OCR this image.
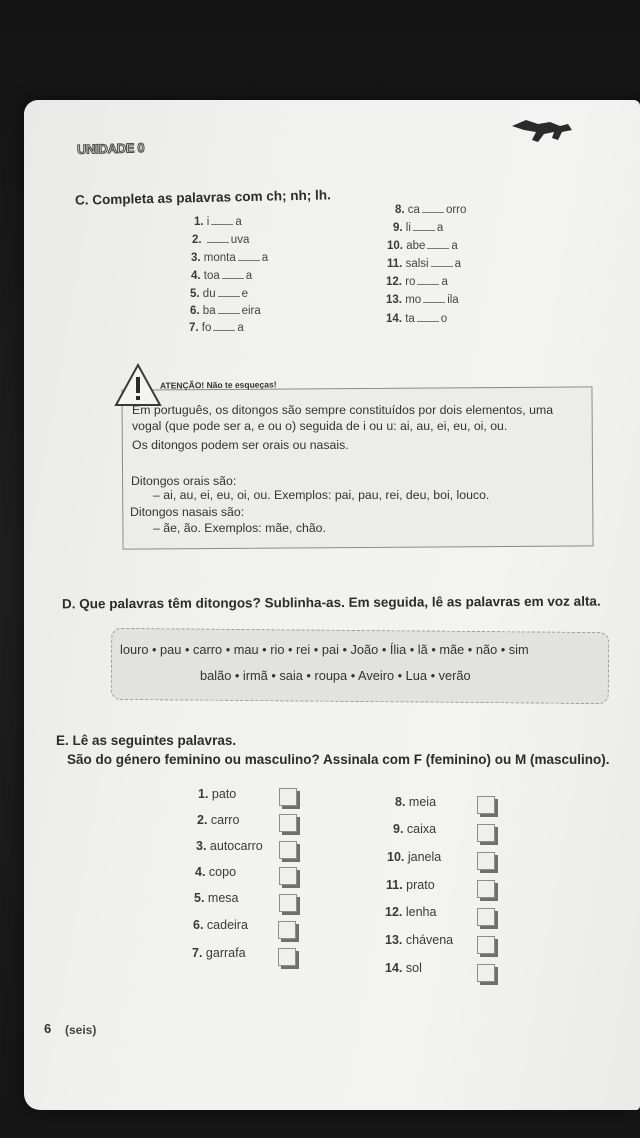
UNIDADE 0
C. Completa as palavras com ch; nh; lh.
1. i a
2.	uva
3. monta a
4. toa a
5. du e
6. ba eira
7. fo a
8. ca orro
9. li a
10. abe a
11. salsi a
12. ro a
13. mo ila
14. ta o
ATENÇÃO! Não te esqueças!
Em português, os ditongos são sempre constituídos por dois elementos, uma
vogal (que pode ser a, e ou o) seguida de i ou u: ai, au, ei, eu, oi, ou.
Os ditongos podem ser orais ou nasais.
Ditongos orais são:
– ai, au, ei, eu, oi, ou. Exemplos: pai, pau, rei, deu, boi, louco.
Ditongos nasais são:
– ãe, ão. Exemplos: mãe, chão.
D. Que palavras têm ditongos? Sublinha-as. Em seguida, lê as palavras em voz alta.
louro • pau • carro • mau • rio • rei • pai • João • Ília • lã • mãe • não • sim
balão • irmã • saia • roupa • Aveiro • Lua • verão
E. Lê as seguintes palavras.
São do género feminino ou masculino? Assinala com F (feminino) ou M (masculino).
1. pato
2. carro
3. autocarro
4. copo
5. mesa
6. cadeira
7. garrafa
8. meia
9. caixa
10. janela
11. prato
12. lenha
13. chávena
14. sol
6 (seis)
